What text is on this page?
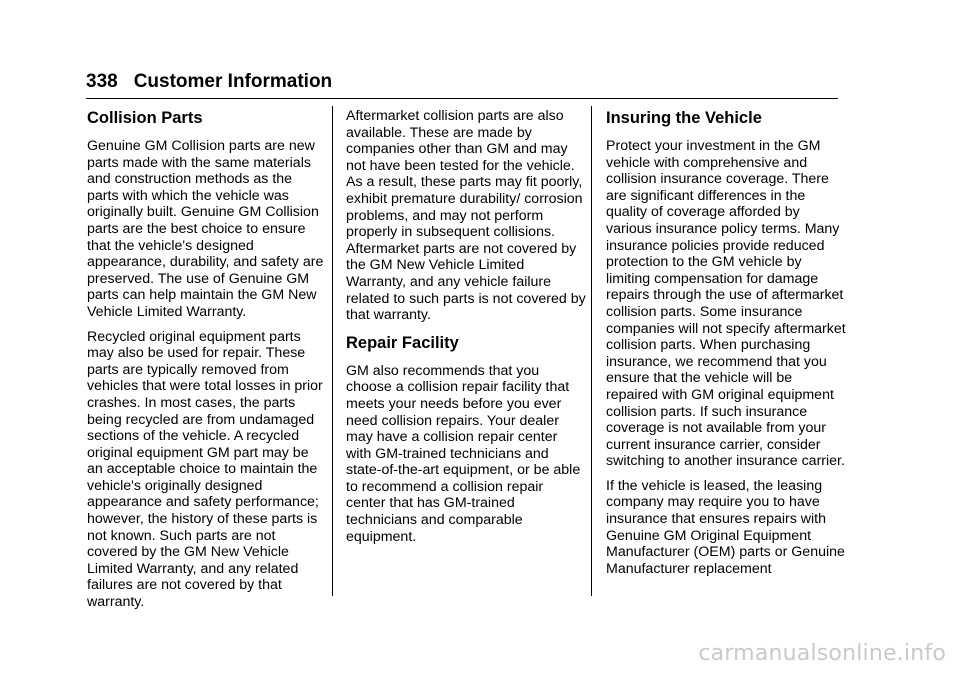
338 Customer Information
Collision Parts

Genuine GM Collision parts are new parts made with the same materials and construction methods as the parts with which the vehicle was originally built. Genuine GM Collision parts are the best choice to ensure that the vehicle's designed appearance, durability, and safety are preserved. The use of Genuine GM parts can help maintain the GM New Vehicle Limited Warranty.

Recycled original equipment parts may also be used for repair. These parts are typically removed from vehicles that were total losses in prior crashes. In most cases, the parts being recycled are from undamaged sections of the vehicle. A recycled original equipment GM part may be an acceptable choice to maintain the vehicle's originally designed appearance and safety performance; however, the history of these parts is not known. Such parts are not covered by the GM New Vehicle Limited Warranty, and any related failures are not covered by that warranty.

Aftermarket collision parts are also available. These are made by companies other than GM and may not have been tested for the vehicle. As a result, these parts may fit poorly, exhibit premature durability/ corrosion problems, and may not perform properly in subsequent collisions. Aftermarket parts are not covered by the GM New Vehicle Limited Warranty, and any vehicle failure related to such parts is not covered by that warranty.

Repair Facility

GM also recommends that you choose a collision repair facility that meets your needs before you ever need collision repairs. Your dealer may have a collision repair center with GM-trained technicians and state-of-the-art equipment, or be able to recommend a collision repair center that has GM-trained technicians and comparable equipment.

Insuring the Vehicle

Protect your investment in the GM vehicle with comprehensive and collision insurance coverage. There are significant differences in the quality of coverage afforded by various insurance policy terms. Many insurance policies provide reduced protection to the GM vehicle by limiting compensation for damage repairs through the use of aftermarket collision parts. Some insurance companies will not specify aftermarket collision parts. When purchasing insurance, we recommend that you ensure that the vehicle will be repaired with GM original equipment collision parts. If such insurance coverage is not available from your current insurance carrier, consider switching to another insurance carrier.

If the vehicle is leased, the leasing company may require you to have insurance that ensures repairs with Genuine GM Original Equipment Manufacturer (OEM) parts or Genuine Manufacturer replacement

carmanualsonline.info
